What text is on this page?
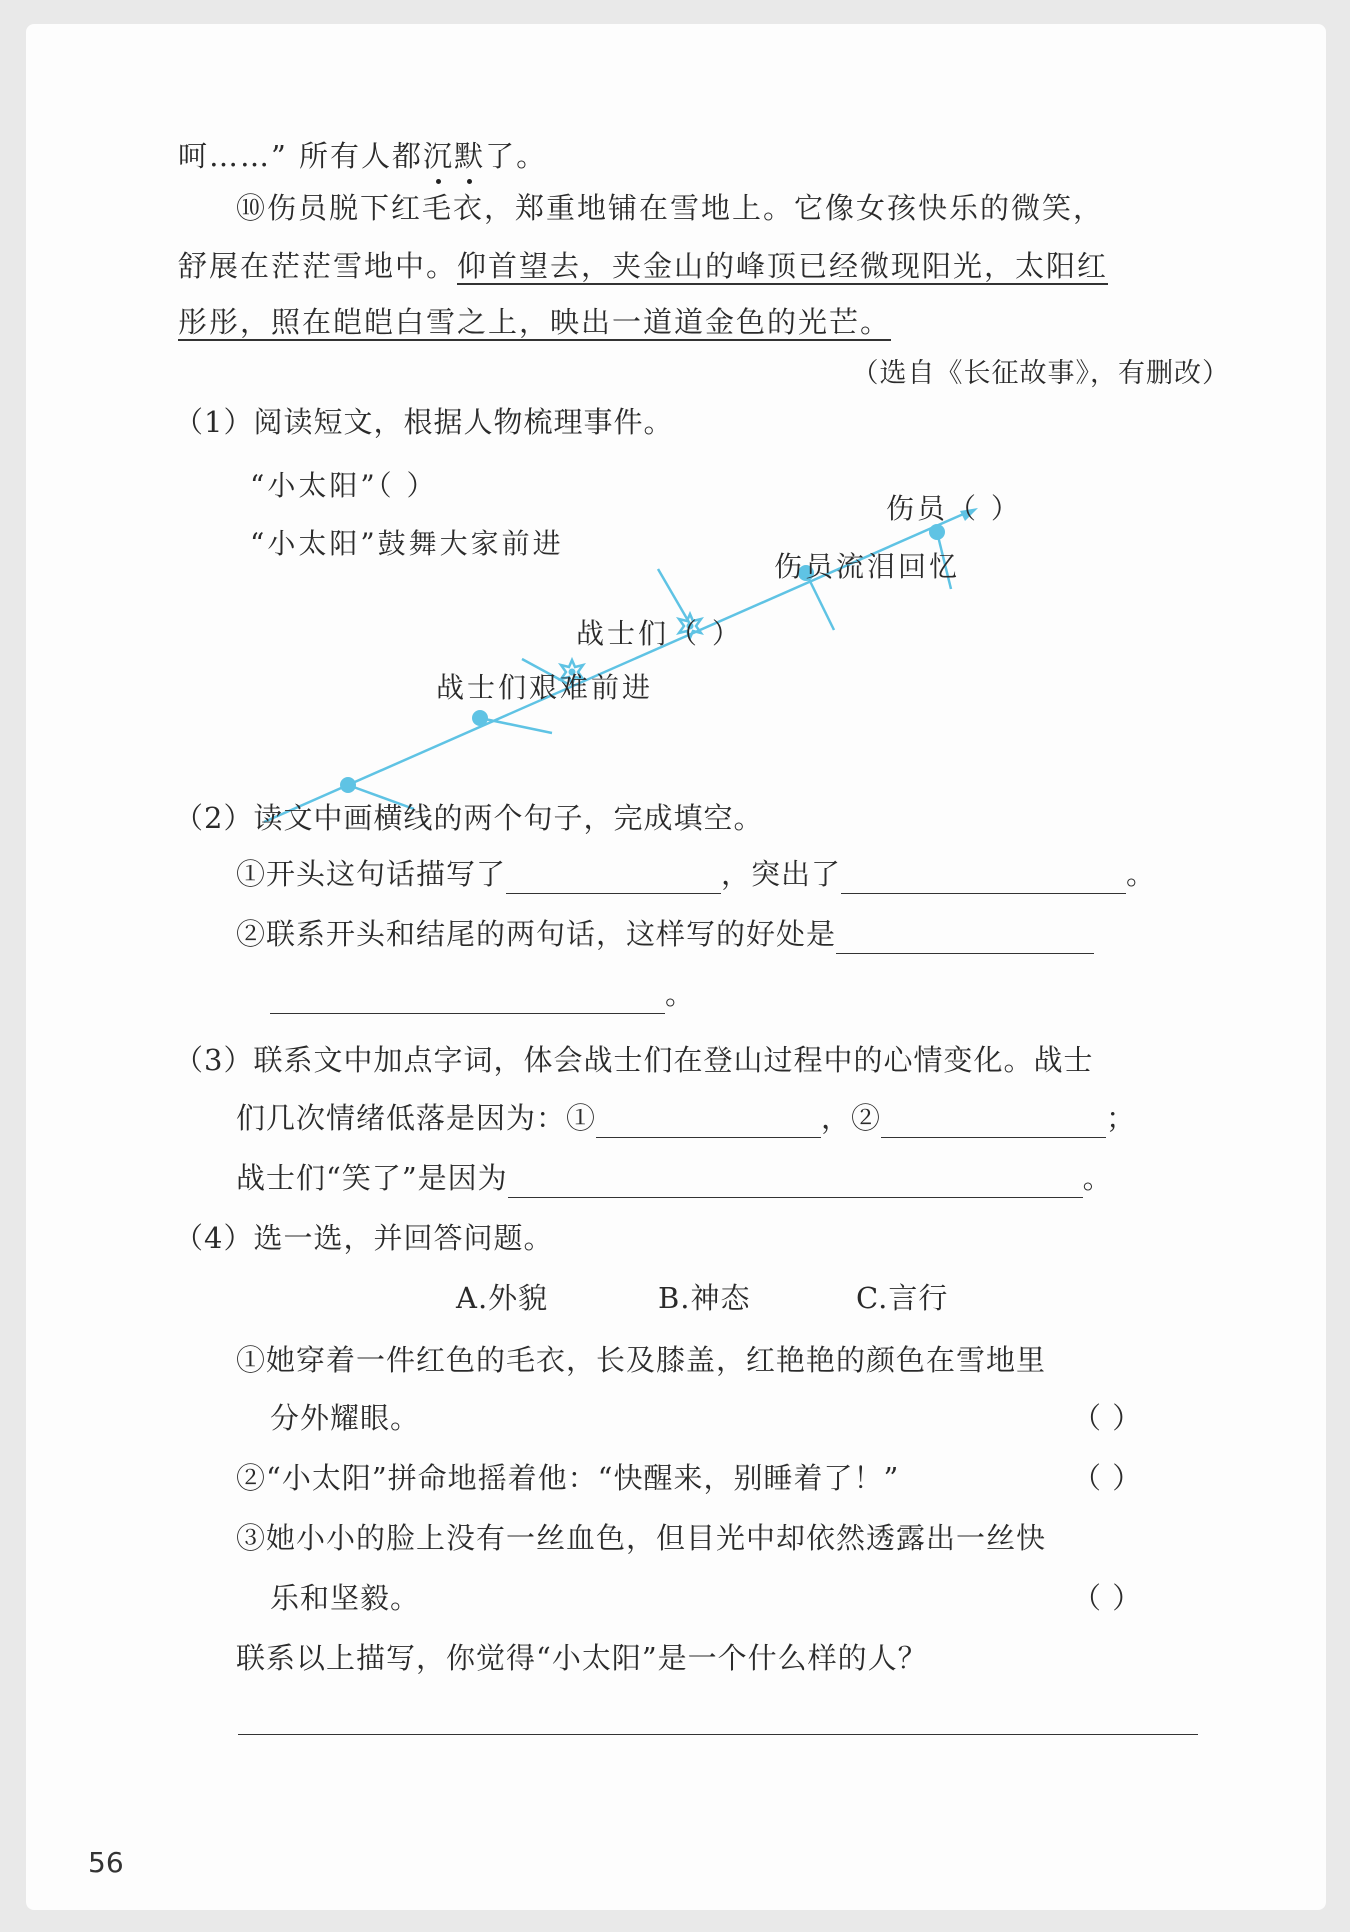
呵……” 所有人都沉默了。
⑩伤员脱下红毛衣，郑重地铺在雪地上。它像女孩快乐的微笑，
舒展在茫茫雪地中。仰首望去，夹金山的峰顶已经微现阳光，太阳红
彤彤，照在皑皑白雪之上，映出一道道金色的光芒。
（选自《长征故事》，有删改）
（1）阅读短文，根据人物梳理事件。
“小太阳”（ ）
“小太阳”鼓舞大家前进
战士们（ ）
战士们艰难前进
伤员流泪回忆
伤员（ ）
（2）读文中画横线的两个句子，完成填空。
①开头这句话描写了	，突出了	。
②联系开头和结尾的两句话，这样写的好处是
。
（3）联系文中加点字词，体会战士们在登山过程中的心情变化。战士
们几次情绪低落是因为：①	，②	；
战士们“笑了”是因为	。
（4）选一选，并回答问题。
A.外貌	B.神态	C.言行
①她穿着一件红色的毛衣，长及膝盖，红艳艳的颜色在雪地里
分外耀眼。	（ ）
②“小太阳”拼命地摇着他：“快醒来，别睡着了！”	（ ）
③她小小的脸上没有一丝血色，但目光中却依然透露出一丝快
乐和坚毅。	（ ）
联系以上描写，你觉得“小太阳”是一个什么样的人？
56
